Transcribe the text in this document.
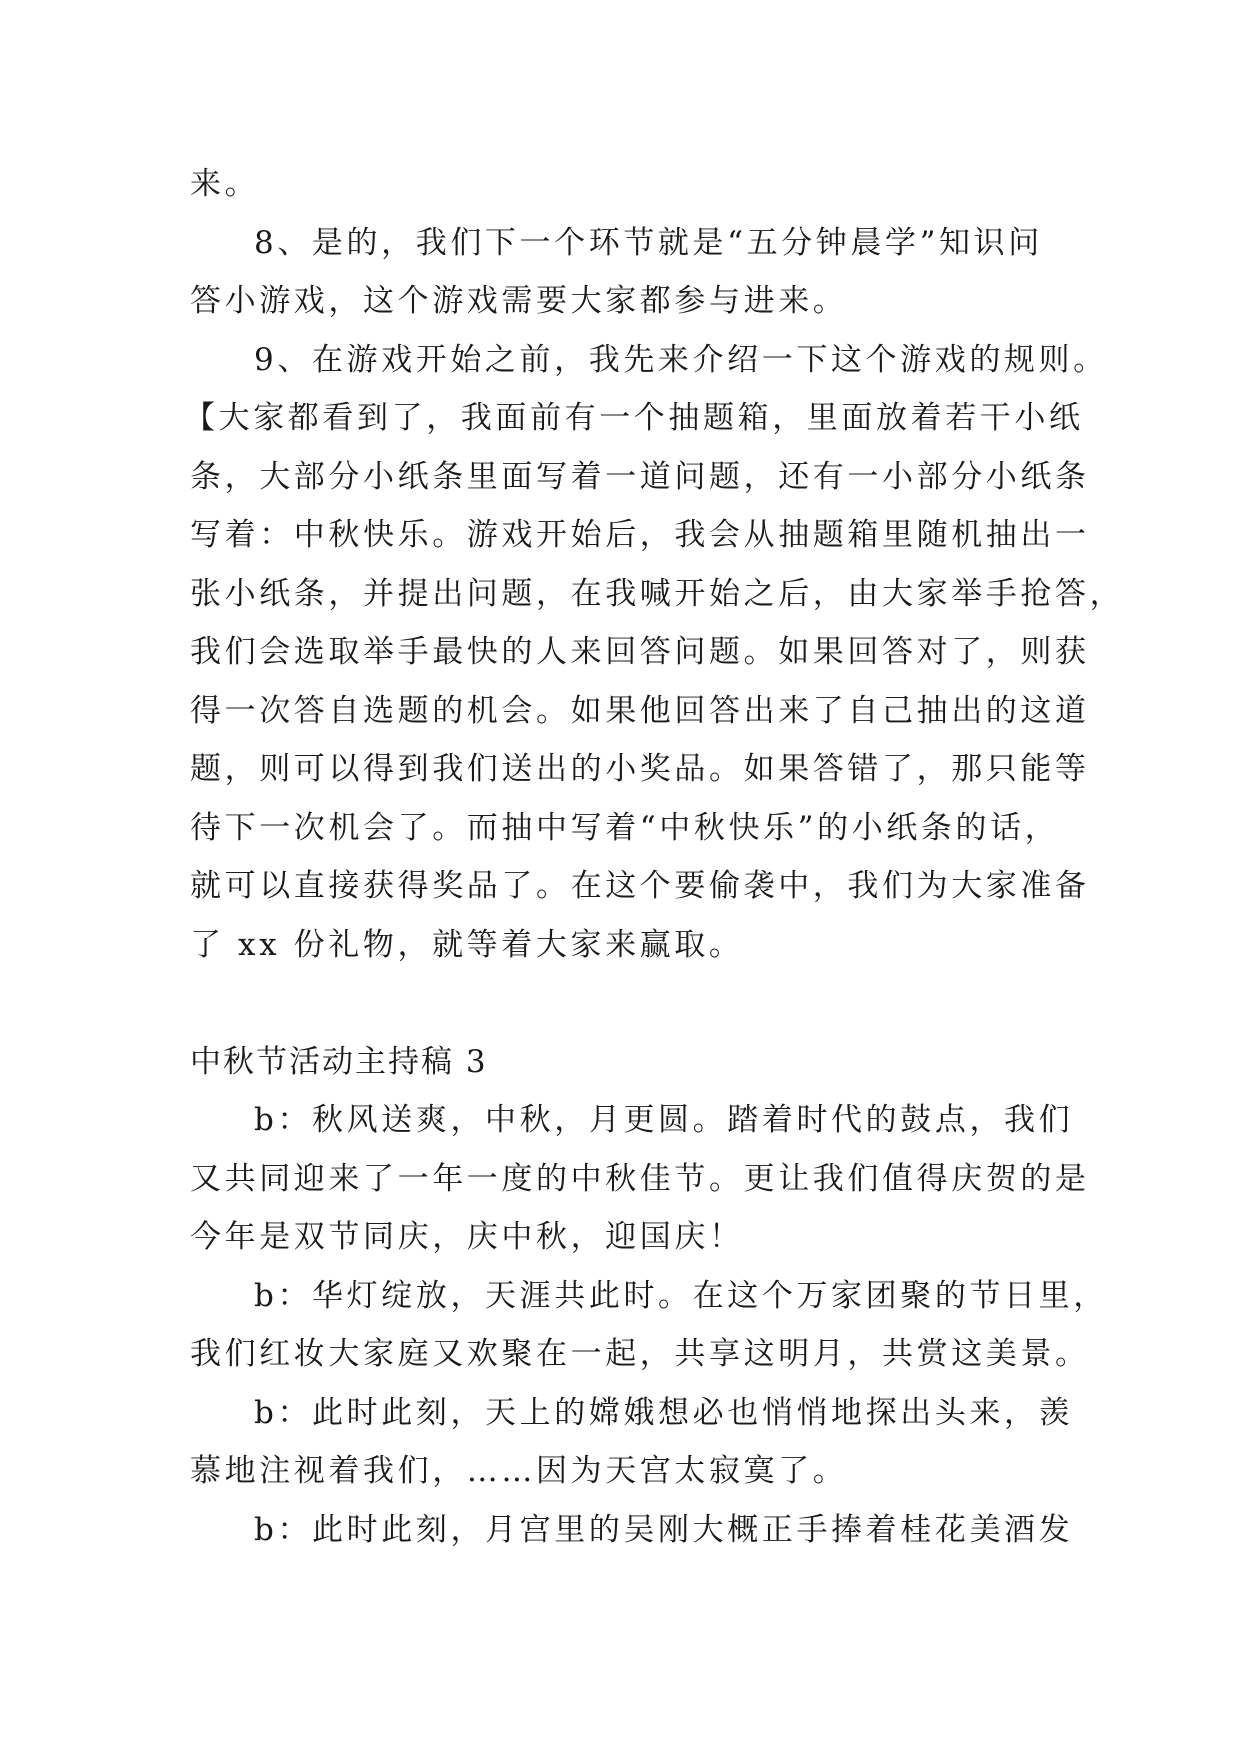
来。
8、是的，我们下一个环节就是“五分钟晨学”知识问
答小游戏，这个游戏需要大家都参与进来。
9、在游戏开始之前，我先来介绍一下这个游戏的规则。
【大家都看到了，我面前有一个抽题箱，里面放着若干小纸
条，大部分小纸条里面写着一道问题，还有一小部分小纸条
写着：中秋快乐。游戏开始后，我会从抽题箱里随机抽出一
张小纸条，并提出问题，在我喊开始之后，由大家举手抢答，
我们会选取举手最快的人来回答问题。如果回答对了，则获
得一次答自选题的机会。如果他回答出来了自己抽出的这道
题，则可以得到我们送出的小奖品。如果答错了，那只能等
待下一次机会了。而抽中写着“中秋快乐”的小纸条的话，
就可以直接获得奖品了。在这个要偷袭中，我们为大家准备
了 xx 份礼物，就等着大家来赢取。
中秋节活动主持稿 3
b：秋风送爽，中秋，月更圆。踏着时代的鼓点，我们
又共同迎来了一年一度的中秋佳节。更让我们值得庆贺的是
今年是双节同庆，庆中秋，迎国庆！
b：华灯绽放，天涯共此时。在这个万家团聚的节日里，
我们红妆大家庭又欢聚在一起，共享这明月，共赏这美景。
b：此时此刻，天上的嫦娥想必也悄悄地探出头来，羡
慕地注视着我们，……因为天宫太寂寞了。
b：此时此刻，月宫里的吴刚大概正手捧着桂花美酒发
